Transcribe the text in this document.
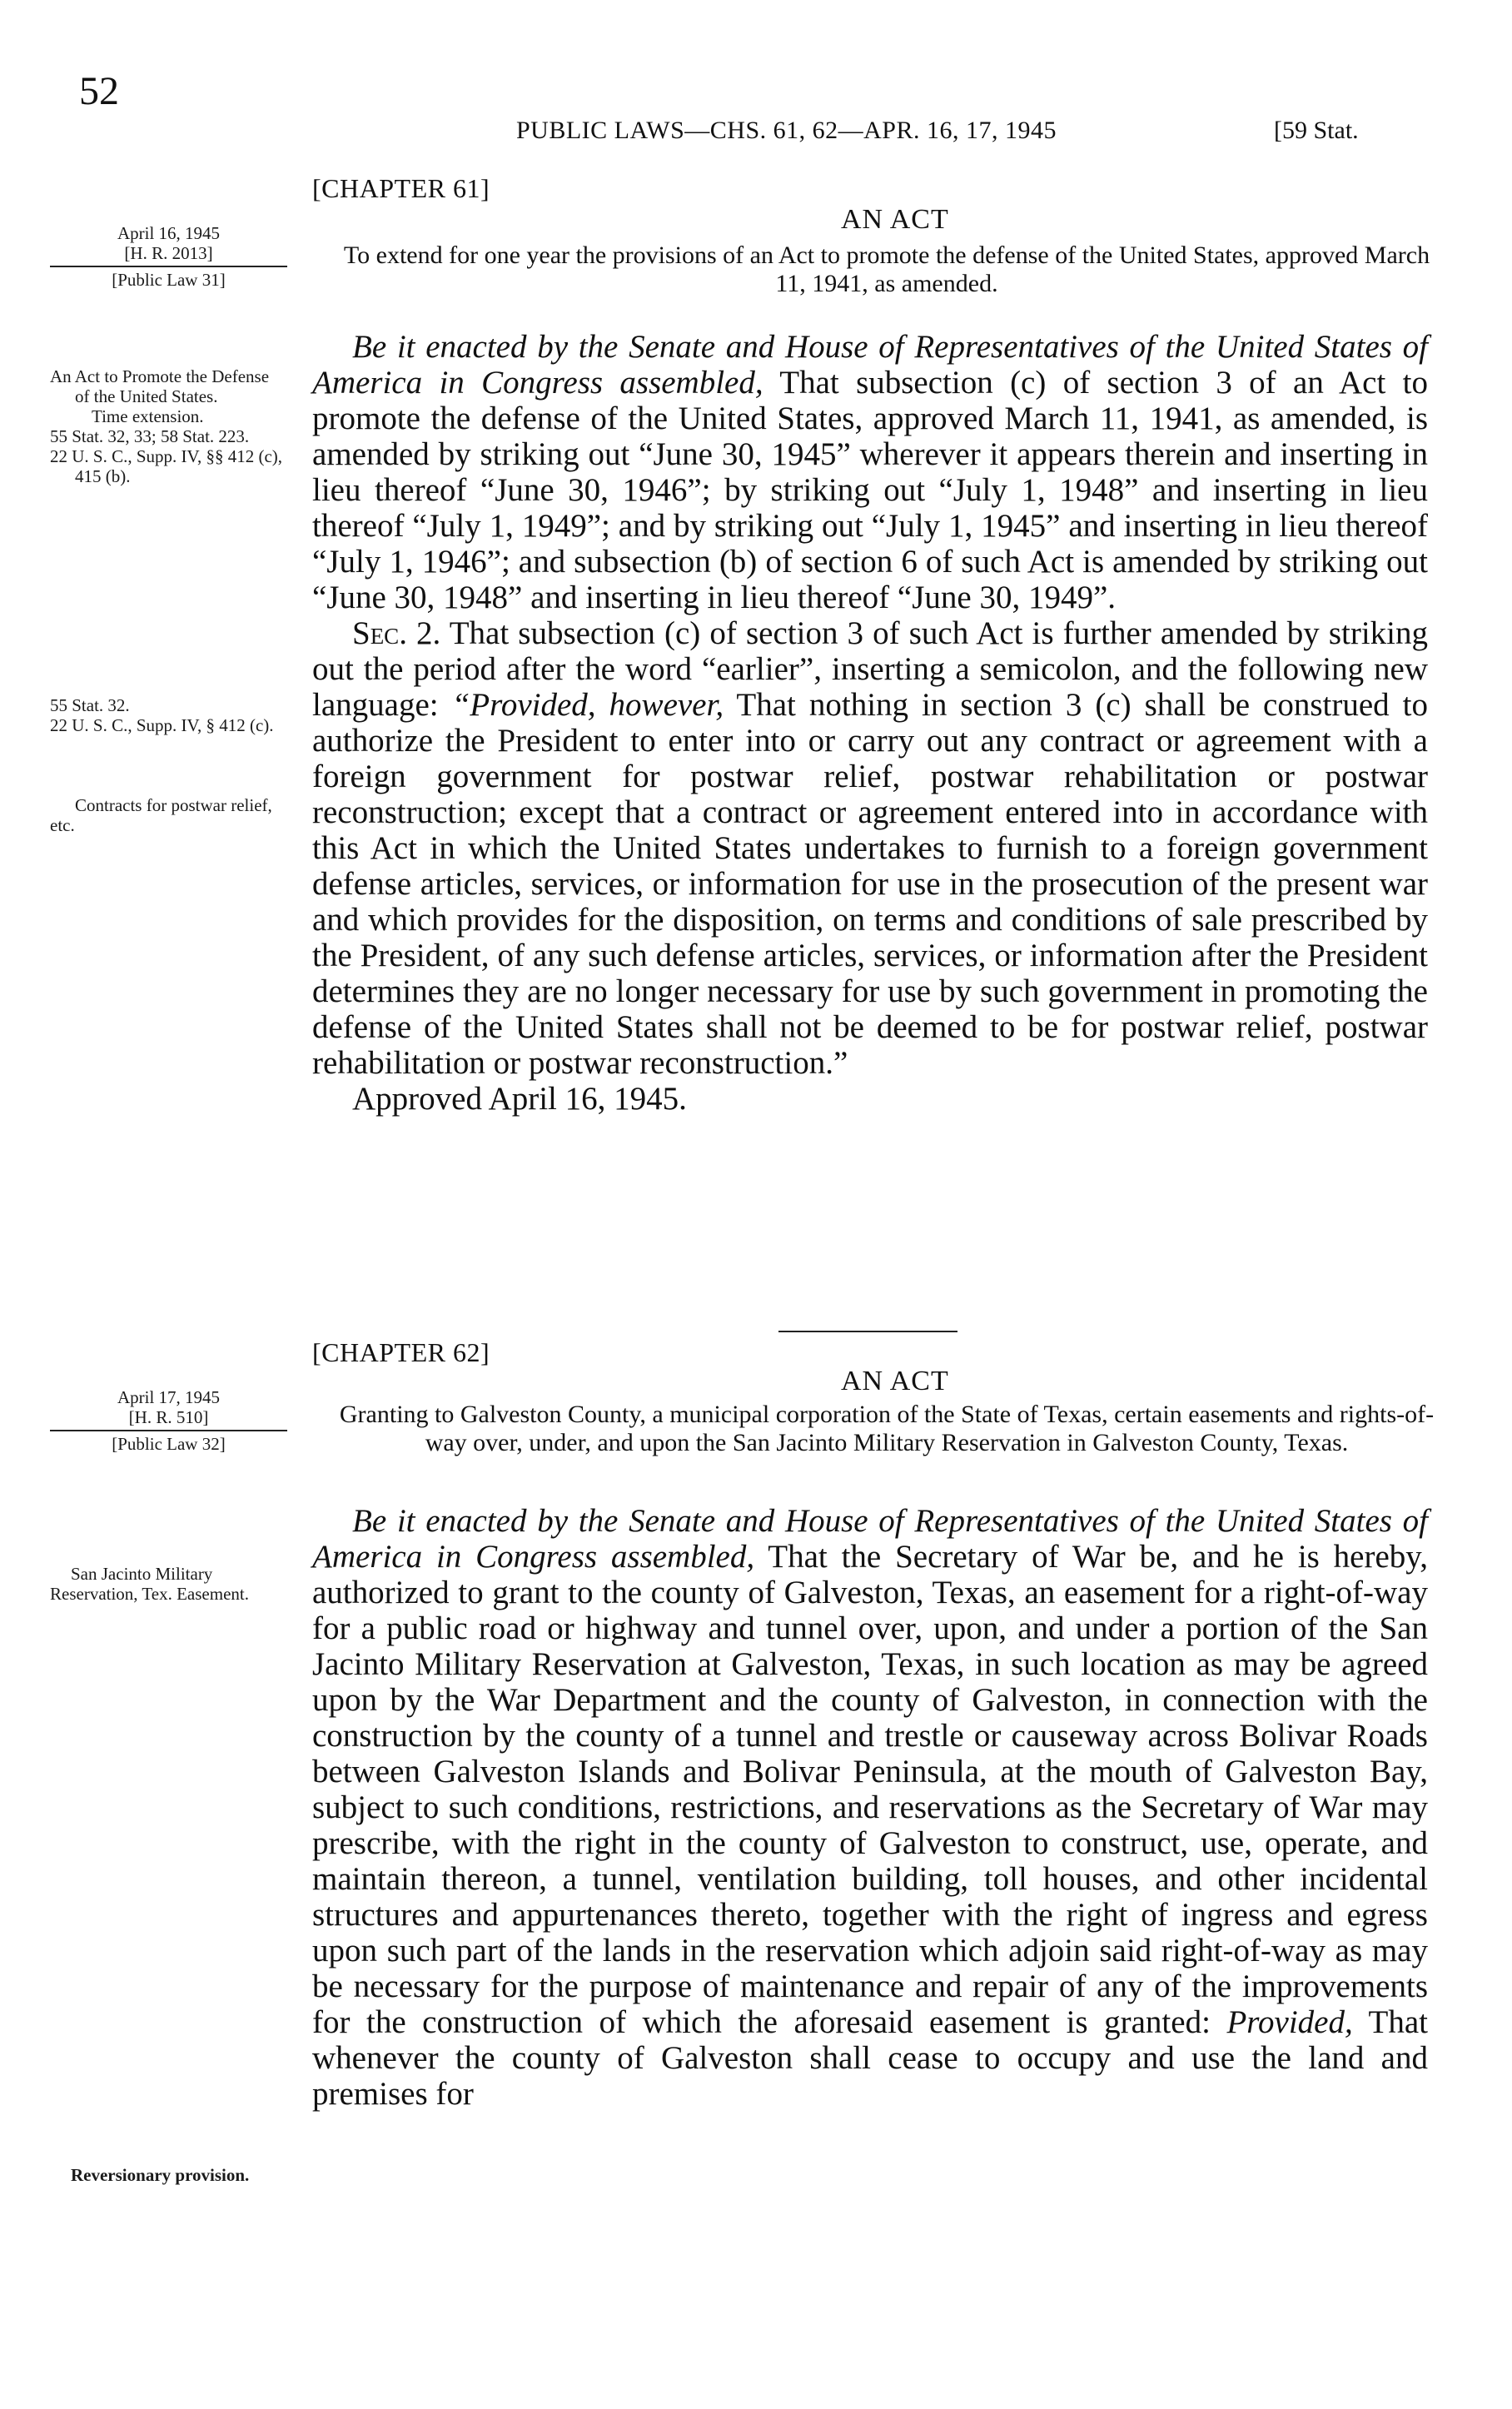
52
PUBLIC LAWS—CHS. 61, 62—APR. 16, 17, 1945	[59 Stat.
[CHAPTER 61]
AN ACT
To extend for one year the provisions of an Act to promote the defense of the United States, approved March 11, 1941, as amended.
April 16, 1945
[H. R. 2013]
[Public Law 31]
An Act to Promote the Defense of the United States.
Time extension.
55 Stat. 32, 33; 58 Stat. 223.
22 U. S. C., Supp. IV, §§ 412 (c), 415 (b).
55 Stat. 32.
22 U. S. C., Supp. IV, § 412 (c).
Contracts for postwar relief, etc.

Be it enacted by the Senate and House of Representatives of the United States of America in Congress assembled, That subsection (c) of section 3 of an Act to promote the defense of the United States, approved March 11, 1941, as amended, is amended by striking out “June 30, 1945” wherever it appears therein and inserting in lieu thereof “June 30, 1946”; by striking out “July 1, 1948” and inserting in lieu thereof “July 1, 1949”; and by striking out “July 1, 1945” and inserting in lieu thereof “July 1, 1946”; and subsection (b) of section 6 of such Act is amended by striking out “June 30, 1948” and inserting in lieu thereof “June 30, 1949”.

Sec. 2. That subsection (c) of section 3 of such Act is further amended by striking out the period after the word “earlier”, inserting a semicolon, and the following new language: “Provided, however, That nothing in section 3 (c) shall be construed to authorize the President to enter into or carry out any contract or agreement with a foreign government for postwar relief, postwar rehabilitation or postwar reconstruction; except that a contract or agreement entered into in accordance with this Act in which the United States undertakes to furnish to a foreign government defense articles, services, or information for use in the prosecution of the present war and which provides for the disposition, on terms and conditions of sale prescribed by the President, of any such defense articles, services, or information after the President determines they are no longer necessary for use by such government in promoting the defense of the United States shall not be deemed to be for postwar relief, postwar rehabilitation or postwar reconstruction.”

Approved April 16, 1945.

[CHAPTER 62]
AN ACT
Granting to Galveston County, a municipal corporation of the State of Texas, certain easements and rights-of-way over, under, and upon the San Jacinto Military Reservation in Galveston County, Texas.
April 17, 1945
[H. R. 510]
[Public Law 32]
San Jacinto Military Reservation, Tex. Easement.
Reversionary provision.

Be it enacted by the Senate and House of Representatives of the United States of America in Congress assembled, That the Secretary of War be, and he is hereby, authorized to grant to the county of Galveston, Texas, an easement for a right-of-way for a public road or highway and tunnel over, upon, and under a portion of the San Jacinto Military Reservation at Galveston, Texas, in such location as may be agreed upon by the War Department and the county of Galveston, in connection with the construction by the county of a tunnel and trestle or causeway across Bolivar Roads between Galveston Islands and Bolivar Peninsula, at the mouth of Galveston Bay, subject to such conditions, restrictions, and reservations as the Secretary of War may prescribe, with the right in the county of Galveston to construct, use, operate, and maintain thereon, a tunnel, ventilation building, toll houses, and other incidental structures and appurtenances thereto, together with the right of ingress and egress upon such part of the lands in the reservation which adjoin said right-of-way as may be necessary for the purpose of maintenance and repair of any of the improvements for the construction of which the aforesaid easement is granted: Provided, That whenever the county of Galveston shall cease to occupy and use the land and premises for
